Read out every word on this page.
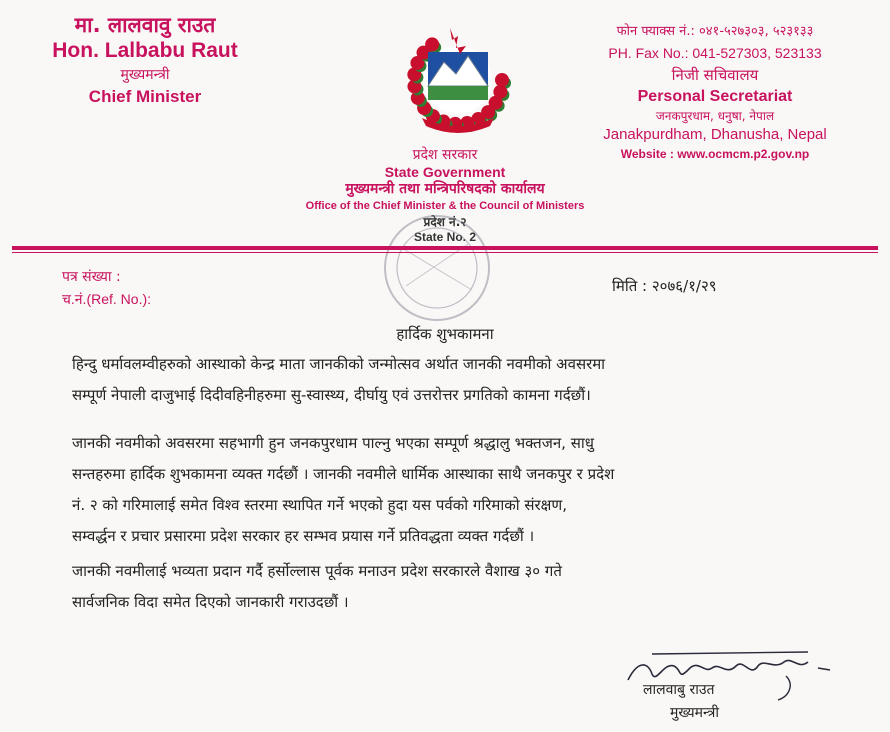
मा. लालवावु राउत
Hon. Lalbabu Raut
मुख्यमन्त्री
Chief Minister
फोन फ्याक्स नं.: ०४१-५२७३०३, ५२३१३३
PH. Fax No.: 041-527303, 523133
निजी सचिवालय
Personal Secretariat
जनकपुरधाम, धनुषा, नेपाल
Janakpurdham, Dhanusha, Nepal
Website : www.ocmcm.p2.gov.np
प्रदेश सरकार
State Government
मुख्यमन्त्री तथा मन्त्रिपरिषदको कार्यालय
Office of the Chief Minister & the Council of Ministers
प्रदेश नं.२
State No. 2
पत्र संख्या :
च.नं.(Ref. No.):
मिति : २०७६/१/२९
हार्दिक शुभकामना
हिन्दु धर्मावलम्वीहरुको आस्थाको केन्द्र माता जानकीको जन्मोत्सव अर्थात जानकी नवमीको अवसरमा
सम्पूर्ण नेपाली दाजुभाई दिदीवहिनीहरुमा सु-स्वास्थ्य, दीर्घायु एवं उत्तरोत्तर प्रगतिको कामना गर्दछौं।
जानकी नवमीको अवसरमा सहभागी हुन जनकपुरधाम पाल्नु भएका सम्पूर्ण श्रद्धालु भक्तजन, साधु
सन्तहरुमा हार्दिक शुभकामना व्यक्त गर्दछौं । जानकी नवमीले धार्मिक आस्थाका साथै जनकपुर र प्रदेश
नं. २ को गरिमालाई समेत विश्व स्तरमा स्थापित गर्ने भएको हुदा यस पर्वको गरिमाको संरक्षण,
सम्वर्द्धन र प्रचार प्रसारमा प्रदेश सरकार हर सम्भव प्रयास गर्ने प्रतिवद्धता व्यक्त गर्दछौं ।
जानकी नवमीलाई भव्यता प्रदान गर्दै हर्सोल्लास पूर्वक मनाउन प्रदेश सरकारले वैशाख ३० गते
सार्वजनिक विदा समेत दिएको जानकारी गराउदछौं ।
लालवाबु राउत
मुख्यमन्त्री
